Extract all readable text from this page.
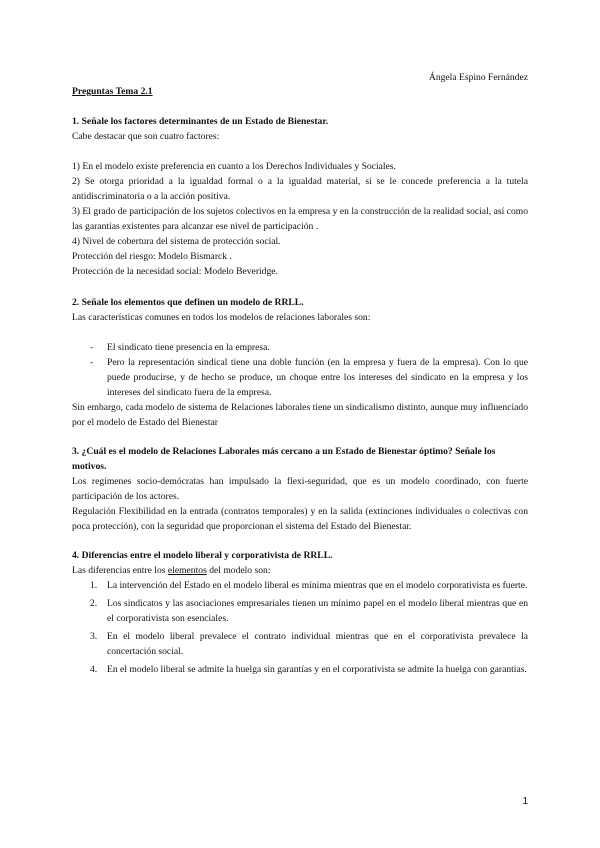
Ángela Espino Fernández
Preguntas Tema 2.1
1. Señale los factores determinantes de un Estado de Bienestar.

Cabe destacar que son cuatro factores:

1) En el modelo existe preferencia en cuanto a los Derechos Individuales y Sociales.

2) Se otorga prioridad a la igualdad formal o a la igualdad material, si se le concede preferencia a la tutela antidiscriminatoria o a la acción positiva.

3) El grado de participación de los sujetos colectivos en la empresa y en la construcción de la realidad social, así como las garantías existentes para alcanzar ese nivel de participación .

4) Nivel de cobertura del sistema de protección social.

Protección del riesgo: Modelo Bismarck .

Protección de la necesidad social: Modelo Beveridge.

2. Señale los elementos que definen un modelo de RRLL.

Las características comunes en todos los modelos de relaciones laborales son:

- El sindicato tiene presencia en la empresa.
- Pero la representación sindical tiene una doble función (en la empresa y fuera de la empresa). Con lo que puede producirse, y de hecho se produce, un choque entre los intereses del sindicato en la empresa y los intereses del sindicato fuera de la empresa.

Sin embargo, cada modelo de sistema de Relaciones laborales tiene un sindicalismo distinto, aunque muy influenciado por el modelo de Estado del Bienestar

3. ¿Cuál es el modelo de Relaciones Laborales más cercano a un Estado de Bienestar óptimo? Señale los motivos.

Los regímenes socio-demócratas han impulsado la flexi-seguridad, que es un modelo coordinado, con fuerte participación de los actores.

Regulación Flexibilidad en la entrada (contratos temporales) y en la salida (extinciones individuales o colectivas con poca protección), con la seguridad que proporcionan el sistema del Estado del Bienestar.

4. Diferencias entre el modelo liberal y corporativista de RRLL.

Las diferencias entre los elementos del modelo son:

1. La intervención del Estado en el modelo liberal es mínima mientras que en el modelo corporativista es fuerte.
2. Los sindicatos y las asociaciones empresariales tienen un mínimo papel en el modelo liberal mientras que en el corporativista son esenciales.
3. En el modelo liberal prevalece el contrato individual mientras que en el corporativista prevalece la concertación social.
4. En el modelo liberal se admite la huelga sin garantías y en el corporativista se admite la huelga con garantías.
1
